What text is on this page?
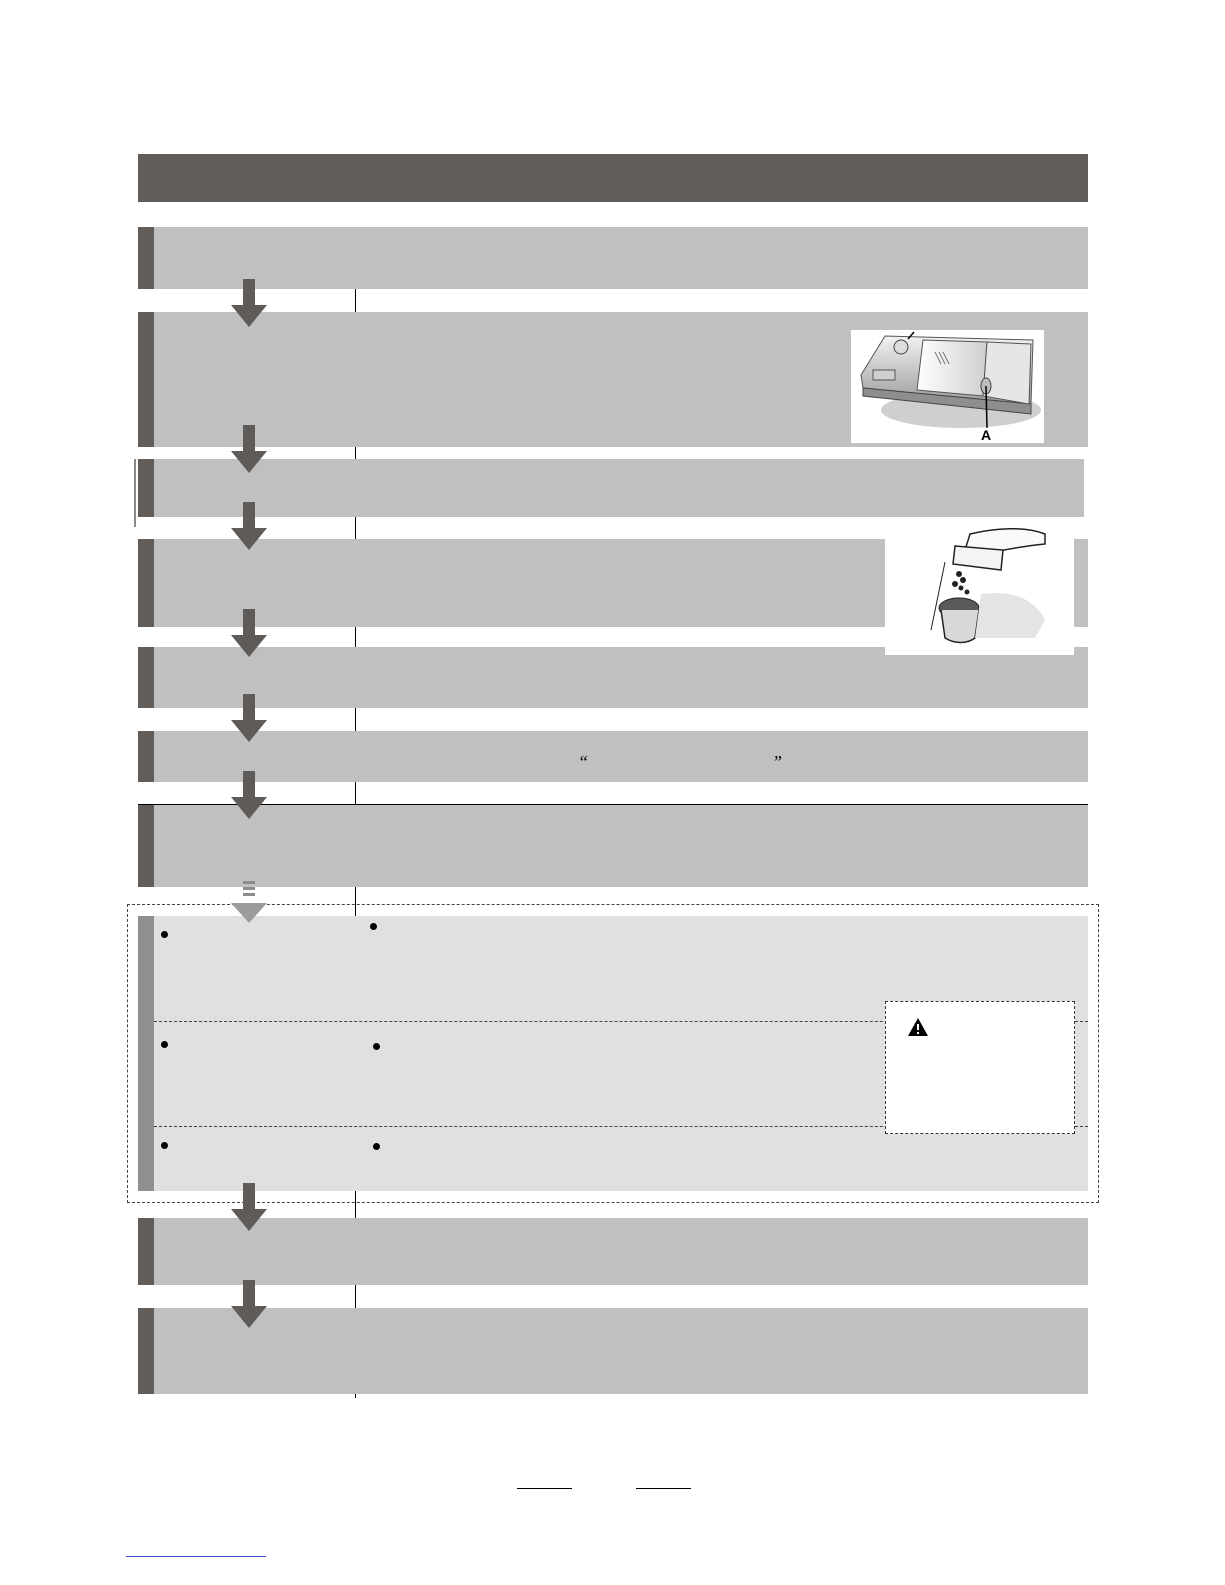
“	”
A
